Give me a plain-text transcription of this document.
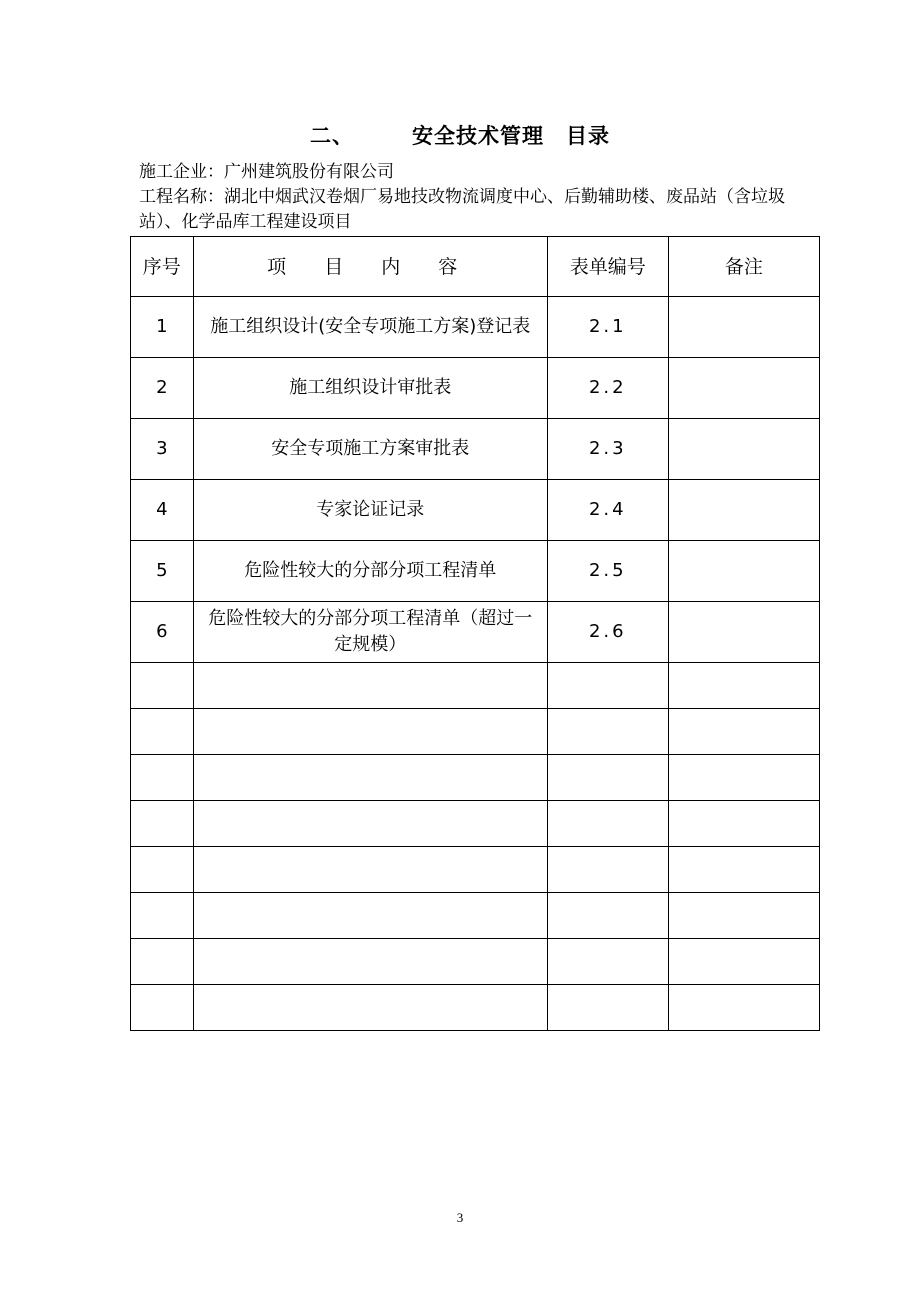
二、	安全技术管理 目录
施工企业：广州建筑股份有限公司
工程名称：湖北中烟武汉卷烟厂易地技改物流调度中心、后勤辅助楼、废品站（含垃圾站）、化学品库工程建设项目
序号	项 目 内 容	表单编号	备注
1	施工组织设计(安全专项施工方案)登记表	2.1	
2	施工组织设计审批表	2.2	
3	安全专项施工方案审批表	2.3	
4	专家论证记录	2.4	
5	危险性较大的分部分项工程清单	2.5	
6	危险性较大的分部分项工程清单（超过一定规模）	2.6	

3
